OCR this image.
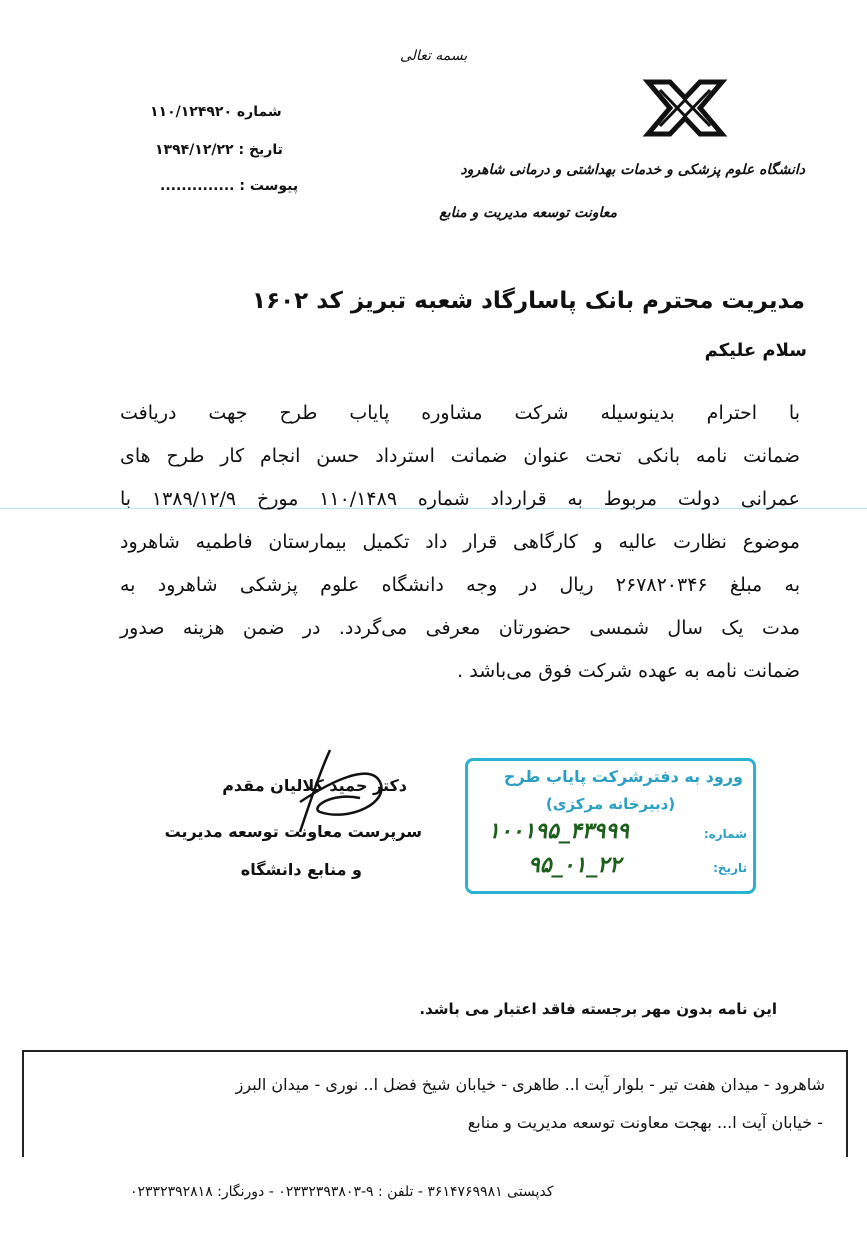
بسمه تعالی
شماره ۱۱۰/۱۲۴۹۲۰
تاریخ : ۱۳۹۴/۱۲/۲۲
پیوست : ..............
دانشگاه علوم پزشکی و خدمات بهداشتی و درمانی شاهرود
معاونت توسعه مدیریت و منابع
مدیریت محترم بانک پاسارگاد شعبه تبریز کد ۱۶۰۲
سلام علیکم
با احترام بدینوسیله شرکت مشاوره پایاب طرح جهت دریافت
ضمانت نامه بانکی تحت عنوان ضمانت استرداد حسن انجام کار طرح های
عمرانی دولت مربوط به قرارداد شماره ۱۱۰/۱۴۸۹ مورخ ۱۳۸۹/۱۲/۹ با
موضوع نظارت عالیه و کارگاهی قرار داد تکمیل بیمارستان فاطمیه شاهرود
به مبلغ ۲۶۷۸۲۰۳۴۶ ریال در وجه دانشگاه علوم پزشکی شاهرود به
مدت یک سال شمسی حضورتان معرفی می‌گردد. در ضمن هزینه صدور
ضمانت نامه به عهده شرکت فوق می‌باشد .
دکتر حمید کلالیان مقدم
سرپرست معاونت توسعه مدیریت
و منابع دانشگاه
ورود به دفترشرکت پایاب طرح
(دبیرخانه مرکزی)
شماره:
۱۰۰۱۹۵_۴۳۹۹۹
تاریخ:
۹۵_۰۱_۲۲
این نامه بدون مهر برجسته فاقد اعتبار می باشد.
شاهرود - میدان هفت تیر - بلوار آیت ا.. طاهری - خیابان شیخ فضل ا.. نوری - میدان البرز
- خیابان آیت ا... بهجت معاونت توسعه مدیریت و منابع
کدپستی ۳۶۱۴۷۶۹۹۸۱ - تلفن : ۹-۰۲۳۳۲۳۹۳۸۰۳ - دورنگار: ۰۲۳۳۲۳۹۲۸۱۸
